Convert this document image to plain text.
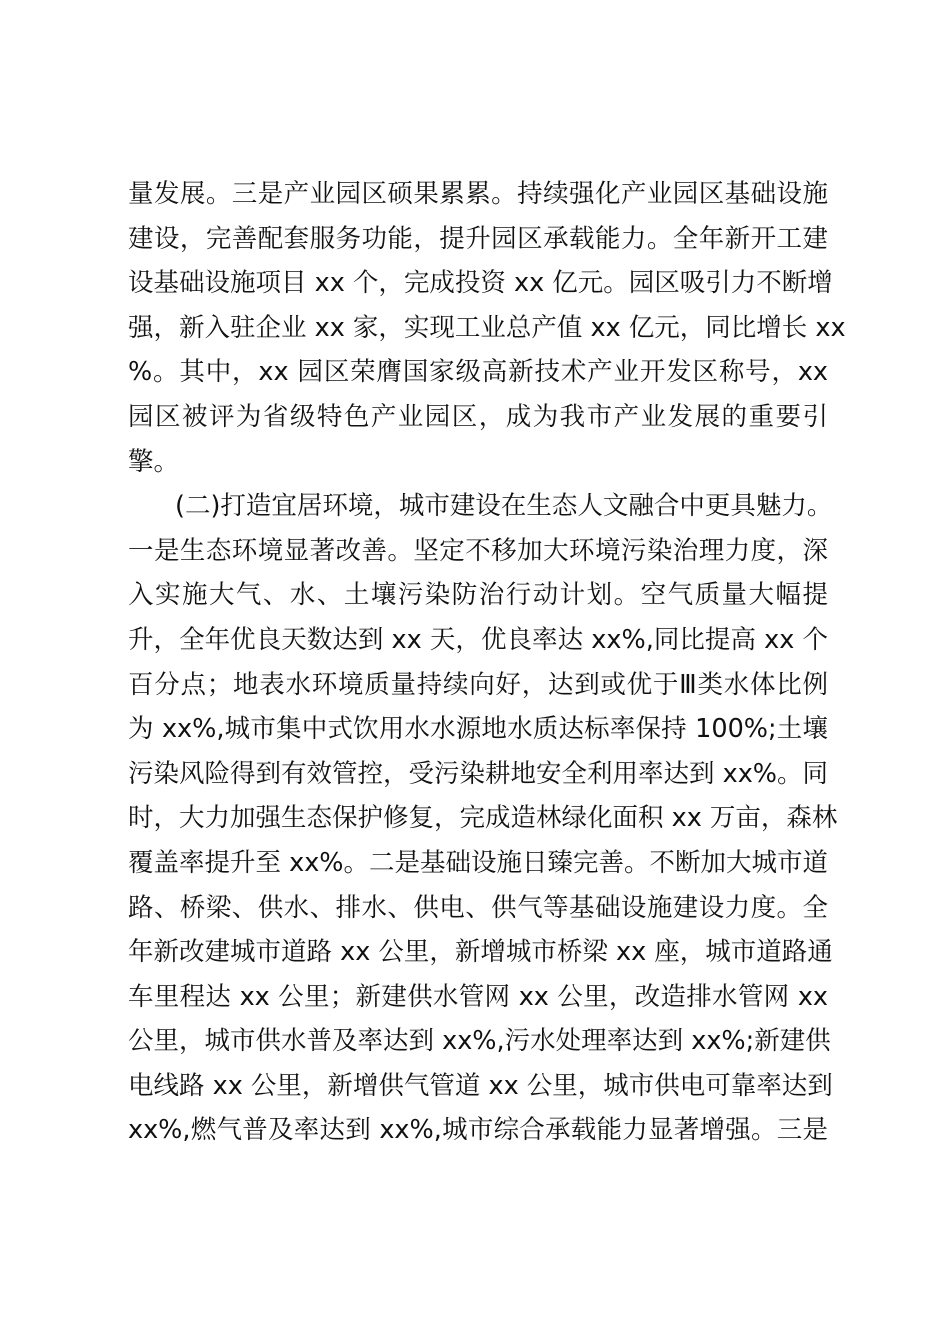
量发展。三是产业园区硕果累累。持续强化产业园区基础设施
建设，完善配套服务功能，提升园区承载能力。全年新开工建
设基础设施项目 xx 个，完成投资 xx 亿元。园区吸引力不断增
强，新入驻企业 xx 家，实现工业总产值 xx 亿元，同比增长 xx
%。其中，xx 园区荣膺国家级高新技术产业开发区称号，xx
园区被评为省级特色产业园区，成为我市产业发展的重要引
擎。
(二)打造宜居环境，城市建设在生态人文融合中更具魅力。
一是生态环境显著改善。坚定不移加大环境污染治理力度，深
入实施大气、水、土壤污染防治行动计划。空气质量大幅提
升，全年优良天数达到 xx 天，优良率达 xx%,同比提高 xx 个
百分点；地表水环境质量持续向好，达到或优于Ⅲ类水体比例
为 xx%,城市集中式饮用水水源地水质达标率保持 100%;土壤
污染风险得到有效管控，受污染耕地安全利用率达到 xx%。同
时，大力加强生态保护修复，完成造林绿化面积 xx 万亩，森林
覆盖率提升至 xx%。二是基础设施日臻完善。不断加大城市道
路、桥梁、供水、排水、供电、供气等基础设施建设力度。全
年新改建城市道路 xx 公里，新增城市桥梁 xx 座，城市道路通
车里程达 xx 公里；新建供水管网 xx 公里，改造排水管网 xx
公里，城市供水普及率达到 xx%,污水处理率达到 xx%;新建供
电线路 xx 公里，新增供气管道 xx 公里，城市供电可靠率达到
xx%,燃气普及率达到 xx%,城市综合承载能力显著增强。三是
